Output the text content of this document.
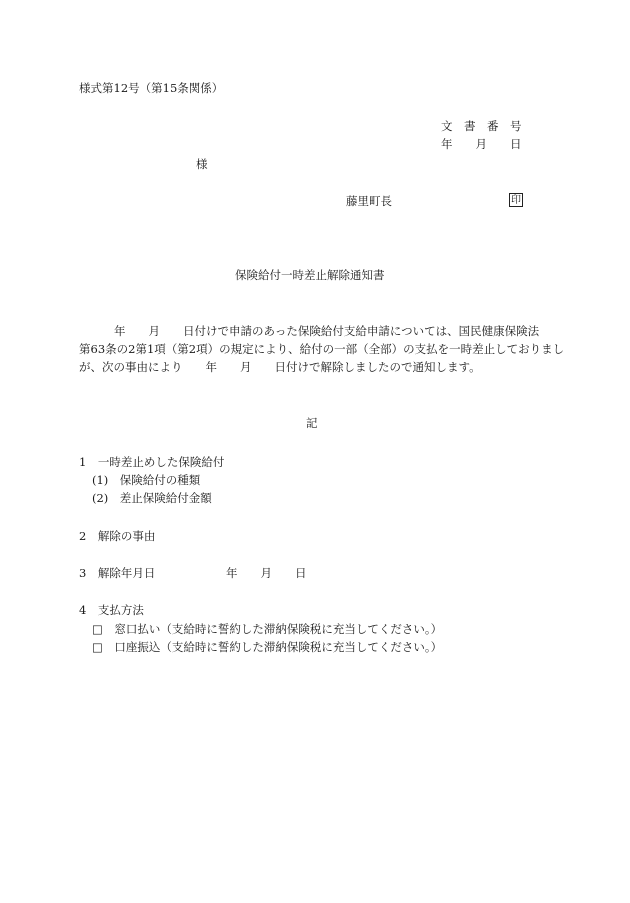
様式第12号（第15条関係）
文　書　番　号
年　　月　　日
様
藤里町長	印
保険給付一時差止解除通知書
年　　月　　日付けで申請のあった保険給付支給申請については、国民健康保険法
第63条の2第1項（第2項）の規定により、給付の一部（全部）の支払を一時差止しておりまし
が、次の事由により　　年　　月　　日付けで解除しましたので通知します。
記
1　一時差止めした保険給付
(1)　保険給付の種類
(2)　差止保険給付金額
2　解除の事由
3　解除年月日	年　　月　　日
4　支払方法
□　窓口払い（支給時に誓約した滞納保険税に充当してください。）
□　口座振込（支給時に誓約した滞納保険税に充当してください。）
